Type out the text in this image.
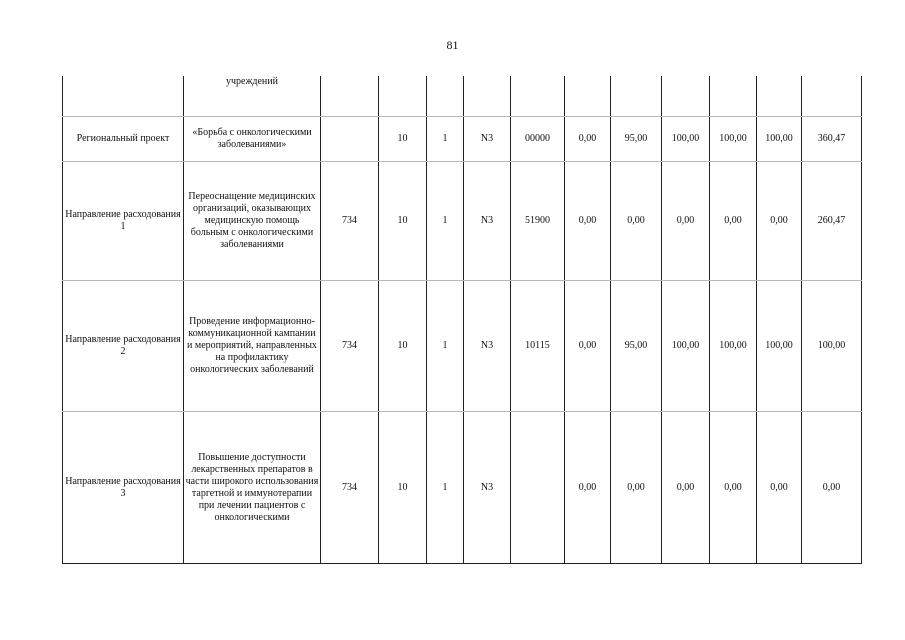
81
	учреждений											
Региональный проект	«Борьба с онкологическими заболеваниями»		10	1	N3	00000	0,00	95,00	100,00	100,00	100,00	360,47
Направление расходования 1	Переоснащение медицинских организаций, оказывающих медицинскую помощь больным с онкологическими заболеваниями	734	10	1	N3	51900	0,00	0,00	0,00	0,00	0,00	260,47
Направление расходования 2	Проведение информационно-коммуникационной кампании и мероприятий, направленных на профилактику онкологических заболеваний	734	10	1	N3	10115	0,00	95,00	100,00	100,00	100,00	100,00
Направление расходования 3	Повышение доступности лекарственных препаратов в части широкого использования таргетной и иммунотерапии при лечении пациентов с онкологическими	734	10	1	N3		0,00	0,00	0,00	0,00	0,00	0,00
